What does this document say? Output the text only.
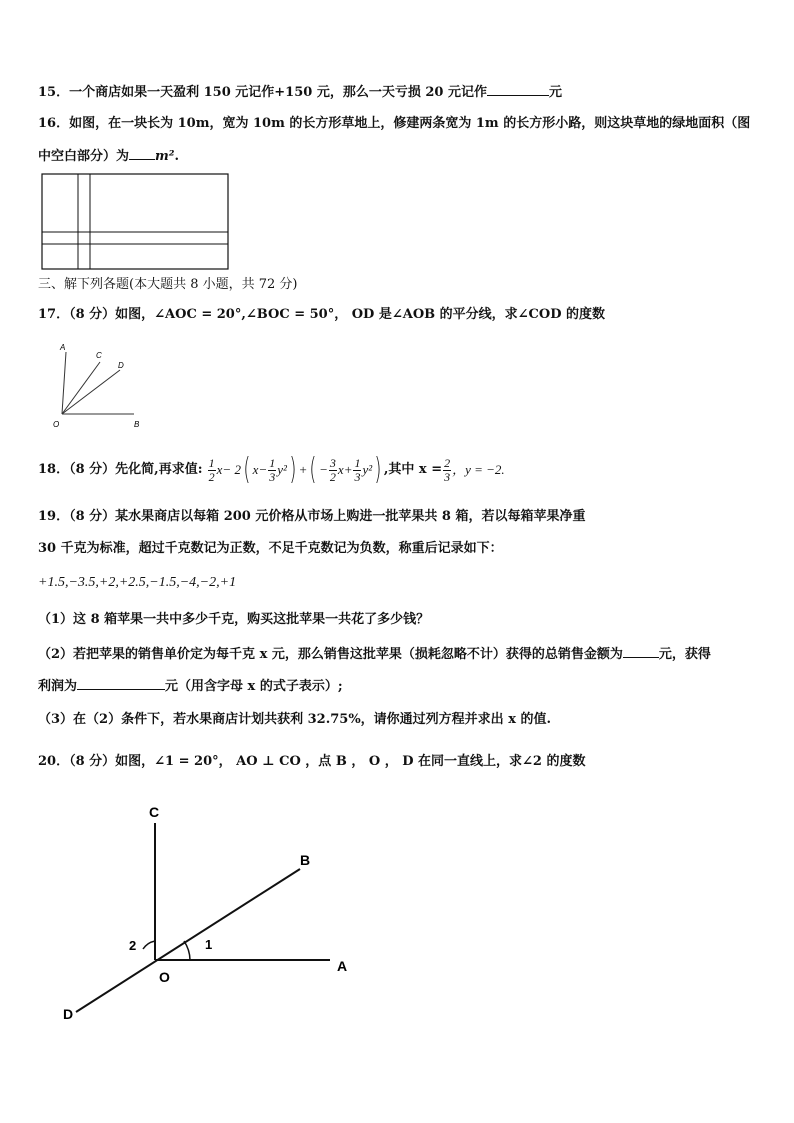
15．一个商店如果一天盈利 150 元记作+150 元，那么一天亏损 20 元记作	元
16．如图，在一块长为 10m，宽为 10m 的长方形草地上，修建两条宽为 1m 的长方形小路，则这块草地的绿地面积（图
中空白部分）为 m².
三、解下列各题(本大题共 8 小题，共 72 分)
17．（8 分）如图，∠AOC = 20°,∠BOC = 50°， OD 是∠AOB 的平分线，求∠COD 的度数
A
C
D
O	B
18．（8 分）先化简,再求值: $\frac{1}{2} x- 2$( $x- \frac{1}{3} y^2$) +( − $\frac{3}{2} x+ \frac{1}{3} y^2$) ,其中 $x = \frac{2}{3}$ ，y = −2.
19．（8 分）某水果商店以每箱 200 元价格从市场上购进一批苹果共 8 箱，若以每箱苹果净重
30 千克为标准，超过千克数记为正数，不足千克数记为负数，称重后记录如下：
+1.5,−3.5,+2,+2.5,−1.5,−4,−2,+1
（1）这 8 箱苹果一共中多少千克，购买这批苹果一共花了多少钱？
（2）若把苹果的销售单价定为每千克 x 元，那么销售这批苹果（损耗忽略不计）获得的总销售金额为	元，获得
利润为	元（用含字母 x 的式子表示）;
（3）在（2）条件下，若水果商店计划共获利 32.75%，请你通过列方程并求出 x 的值.
20．（8 分）如图，∠1 = 20°， AO ⊥ CO ，点 B ， O ， D 在同一直线上，求∠2 的度数
C
B
A
O
D
1
2
